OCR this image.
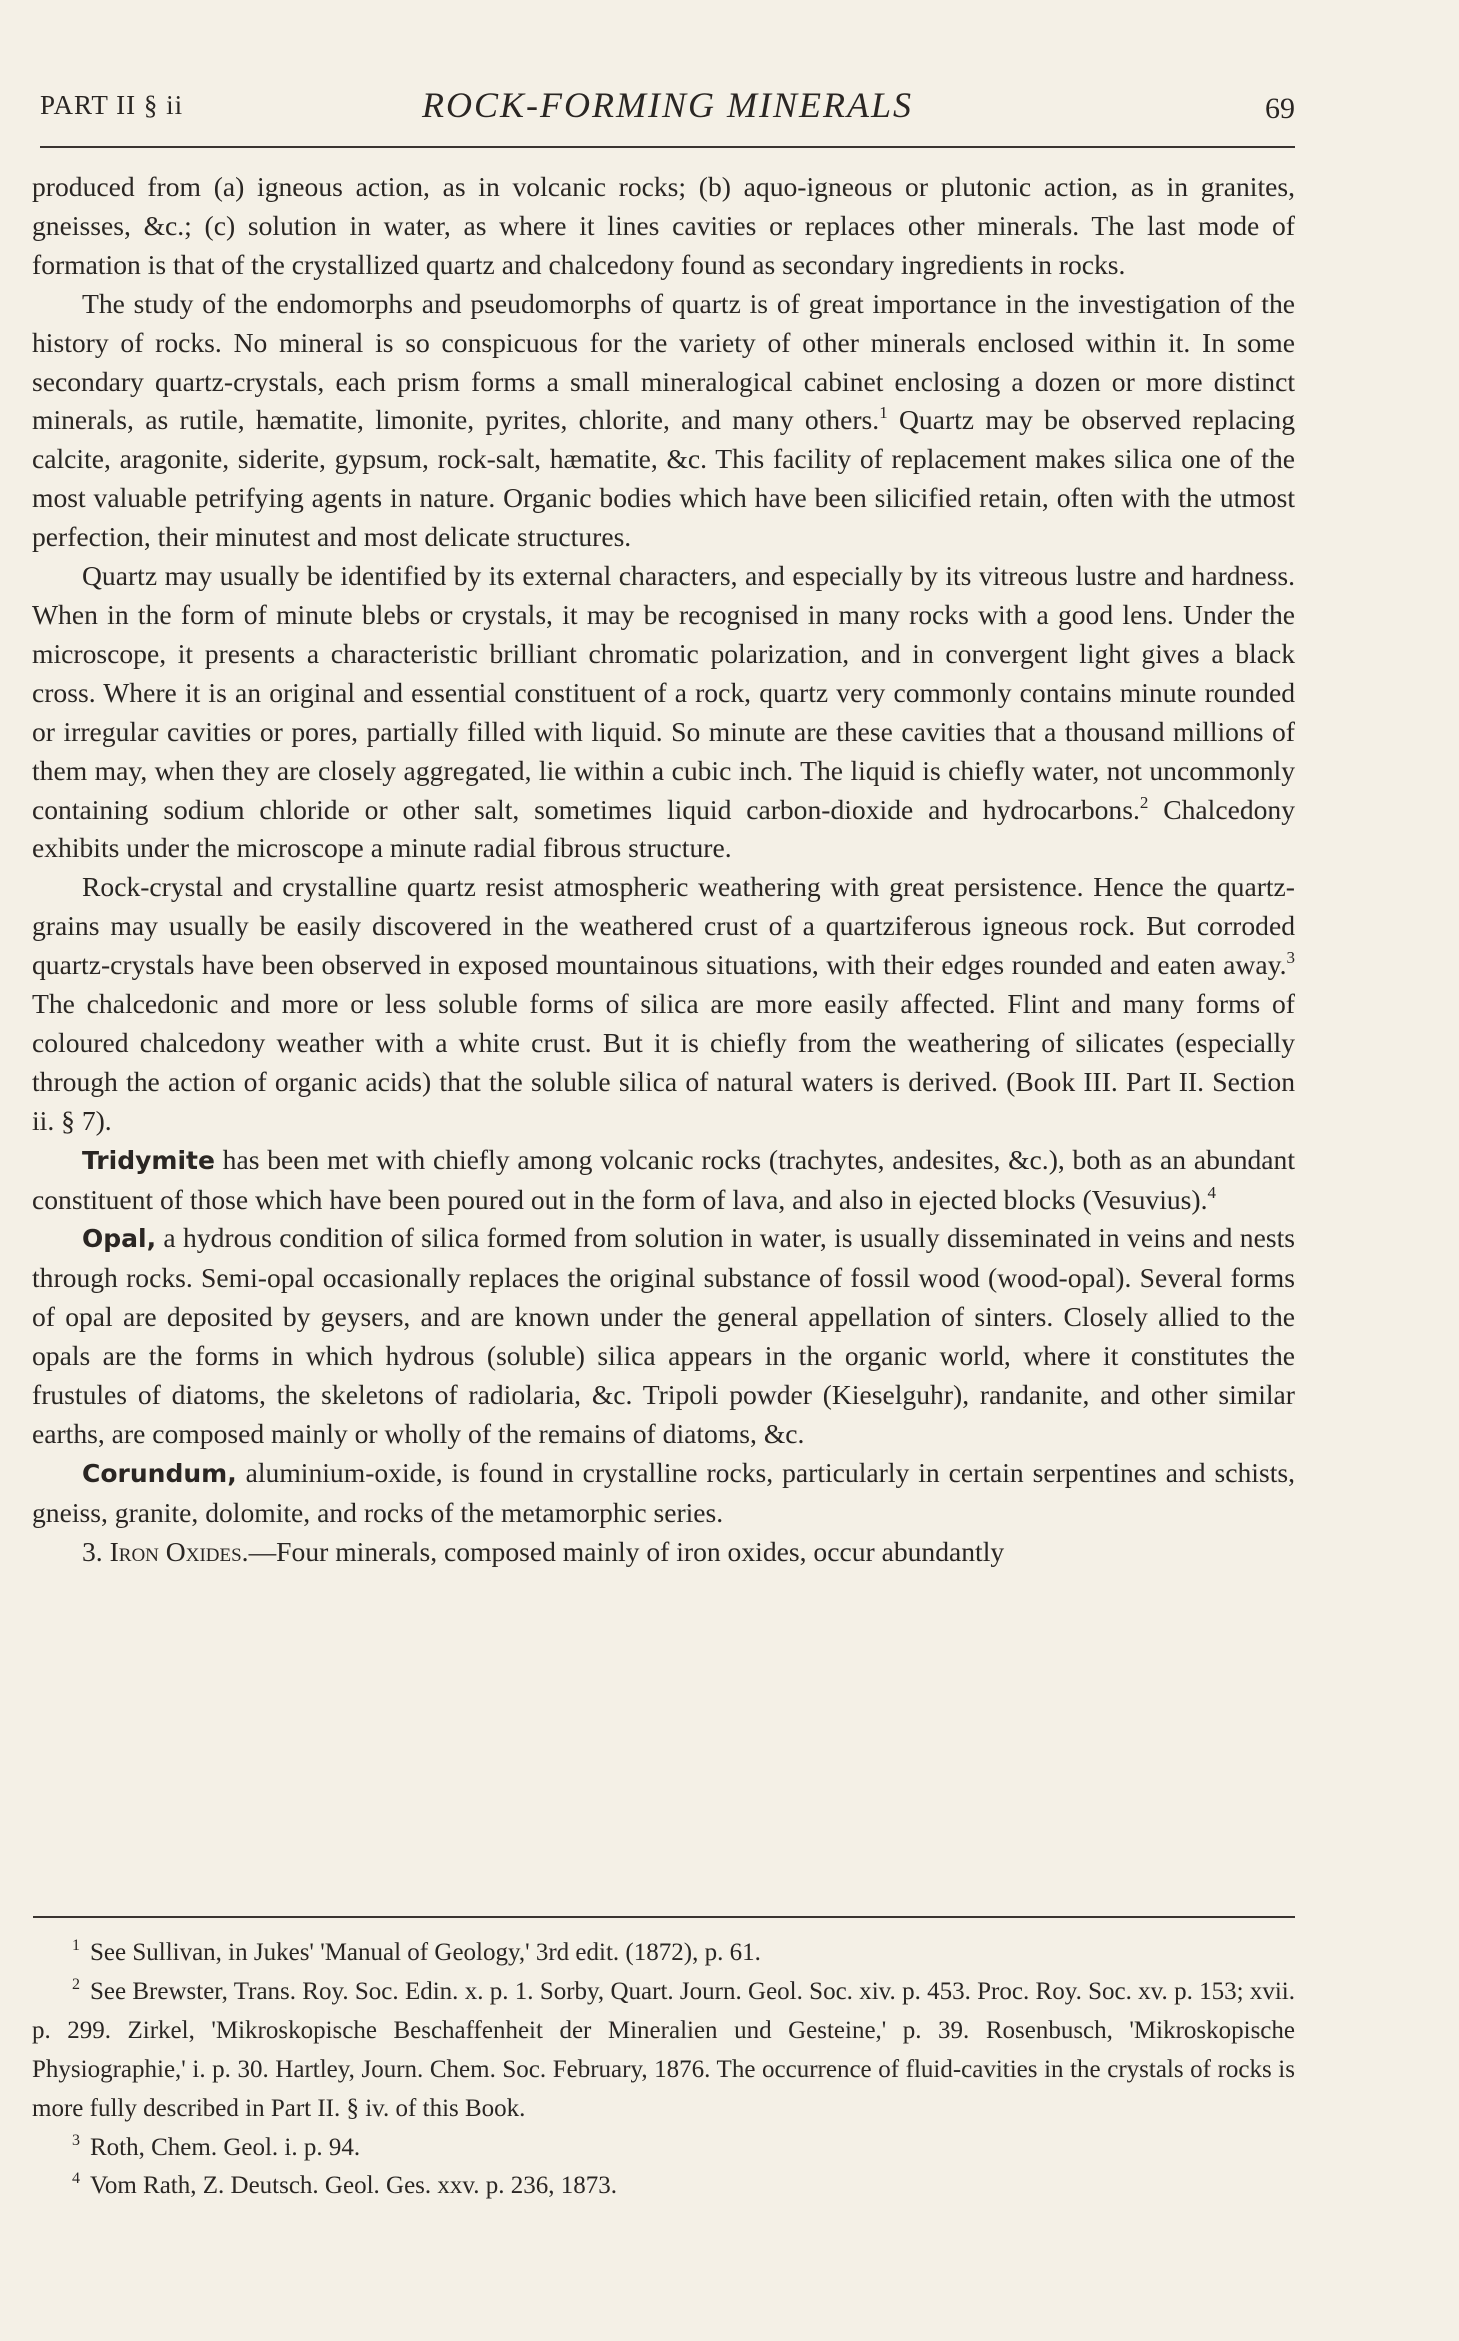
PART II § ii	ROCK-FORMING MINERALS	69

produced from (a) igneous action, as in volcanic rocks; (b) aquo-igneous or plutonic action, as in granites, gneisses, &c.; (c) solution in water, as where it lines cavities or replaces other minerals. The last mode of formation is that of the crystallized quartz and chalcedony found as secondary ingredients in rocks.

The study of the endomorphs and pseudomorphs of quartz is of great importance in the investigation of the history of rocks. No mineral is so conspicuous for the variety of other minerals enclosed within it. In some secondary quartz-crystals, each prism forms a small mineralogical cabinet enclosing a dozen or more distinct minerals, as rutile, hæmatite, limonite, pyrites, chlorite, and many others.$^1$ Quartz may be observed replacing calcite, aragonite, siderite, gypsum, rock-salt, hæmatite, &c. This facility of replacement makes silica one of the most valuable petrifying agents in nature. Organic bodies which have been silicified retain, often with the utmost perfection, their minutest and most delicate structures.

Quartz may usually be identified by its external characters, and especially by its vitreous lustre and hardness. When in the form of minute blebs or crystals, it may be recognised in many rocks with a good lens. Under the microscope, it presents a characteristic brilliant chromatic polarization, and in convergent light gives a black cross. Where it is an original and essential constituent of a rock, quartz very commonly contains minute rounded or irregular cavities or pores, partially filled with liquid. So minute are these cavities that a thousand millions of them may, when they are closely aggregated, lie within a cubic inch. The liquid is chiefly water, not uncommonly containing sodium chloride or other salt, sometimes liquid carbon-dioxide and hydrocarbons.$^2$ Chalcedony exhibits under the microscope a minute radial fibrous structure.

Rock-crystal and crystalline quartz resist atmospheric weathering with great persistence. Hence the quartz-grains may usually be easily discovered in the weathered crust of a quartziferous igneous rock. But corroded quartz-crystals have been observed in exposed mountainous situations, with their edges rounded and eaten away.$^3$ The chalcedonic and more or less soluble forms of silica are more easily affected. Flint and many forms of coloured chalcedony weather with a white crust. But it is chiefly from the weathering of silicates (especially through the action of organic acids) that the soluble silica of natural waters is derived. (Book III. Part II. Section ii. § 7).

Tridymite has been met with chiefly among volcanic rocks (trachytes, andesites, &c.), both as an abundant constituent of those which have been poured out in the form of lava, and also in ejected blocks (Vesuvius).$^4$

Opal, a hydrous condition of silica formed from solution in water, is usually disseminated in veins and nests through rocks. Semi-opal occasionally replaces the original substance of fossil wood (wood-opal). Several forms of opal are deposited by geysers, and are known under the general appellation of sinters. Closely allied to the opals are the forms in which hydrous (soluble) silica appears in the organic world, where it constitutes the frustules of diatoms, the skeletons of radiolaria, &c. Tripoli powder (Kieselguhr), randanite, and other similar earths, are composed mainly or wholly of the remains of diatoms, &c.

Corundum, aluminium-oxide, is found in crystalline rocks, particularly in certain serpentines and schists, gneiss, granite, dolomite, and rocks of the metamorphic series.

3. Iron Oxides.—Four minerals, composed mainly of iron oxides, occur abundantly

$^1$ See Sullivan, in Jukes' 'Manual of Geology,' 3rd edit. (1872), p. 61.

$^2$ See Brewster, Trans. Roy. Soc. Edin. x. p. 1. Sorby, Quart. Journ. Geol. Soc. xiv. p. 453. Proc. Roy. Soc. xv. p. 153; xvii. p. 299. Zirkel, 'Mikroskopische Beschaffenheit der Mineralien und Gesteine,' p. 39. Rosenbusch, 'Mikroskopische Physiographie,' i. p. 30. Hartley, Journ. Chem. Soc. February, 1876. The occurrence of fluid-cavities in the crystals of rocks is more fully described in Part II. § iv. of this Book.

$^3$ Roth, Chem. Geol. i. p. 94.

$^4$ Vom Rath, Z. Deutsch. Geol. Ges. xxv. p. 236, 1873.
